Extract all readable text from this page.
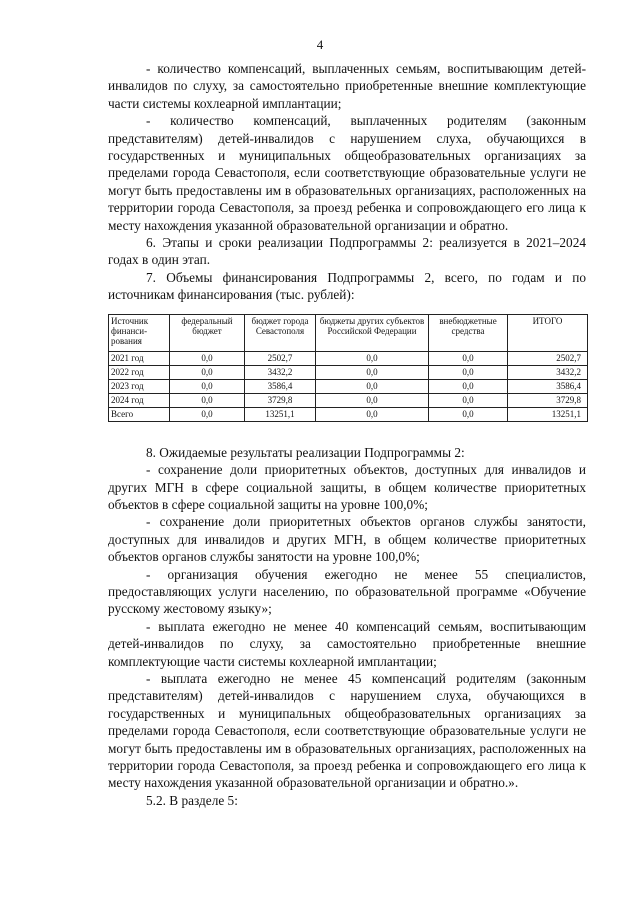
4

- количество компенсаций, выплаченных семьям, воспитывающим детей-инвалидов по слуху, за самостоятельно приобретенные внешние комплектующие части системы кохлеарной имплантации;

- количество компенсаций, выплаченных родителям (законным представителям) детей-инвалидов с нарушением слуха, обучающихся в государственных и муниципальных общеобразовательных организациях за пределами города Севастополя, если соответствующие образовательные услуги не могут быть предоставлены им в образовательных организациях, расположенных на территории города Севастополя, за проезд ребенка и сопровождающего его лица к месту нахождения указанной образовательной организации и обратно.

6. Этапы и сроки реализации Подпрограммы 2: реализуется в 2021–2024 годах в один этап.

7. Объемы финансирования Подпрограммы 2, всего, по годам и по источникам финансирования (тыс. рублей):

Источник финанси-рования	федеральный бюджет	бюджет города Севастополя	бюджеты других субъектов Российской Федерации	внебюджетные средства	ИТОГО
2021 год	0,0	2502,7	0,0	0,0	2502,7
2022 год	0,0	3432,2	0,0	0,0	3432,2
2023 год	0,0	3586,4	0,0	0,0	3586,4
2024 год	0,0	3729,8	0,0	0,0	3729,8
Всего	0,0	13251,1	0,0	0,0	13251,1

8. Ожидаемые результаты реализации Подпрограммы 2:

- сохранение доли приоритетных объектов, доступных для инвалидов и других МГН в сфере социальной защиты, в общем количестве приоритетных объектов в сфере социальной защиты на уровне 100,0%;

- сохранение доли приоритетных объектов органов службы занятости, доступных для инвалидов и других МГН, в общем количестве приоритетных объектов органов службы занятости на уровне 100,0%;

- организация обучения ежегодно не менее 55 специалистов, предоставляющих услуги населению, по образовательной программе «Обучение русскому жестовому языку»;

- выплата ежегодно не менее 40 компенсаций семьям, воспитывающим детей-инвалидов по слуху, за самостоятельно приобретенные внешние комплектующие части системы кохлеарной имплантации;

- выплата ежегодно не менее 45 компенсаций родителям (законным представителям) детей-инвалидов с нарушением слуха, обучающихся в государственных и муниципальных общеобразовательных организациях за пределами города Севастополя, если соответствующие образовательные услуги не могут быть предоставлены им в образовательных организациях, расположенных на территории города Севастополя, за проезд ребенка и сопровождающего его лица к месту нахождения указанной образовательной организации и обратно.».

5.2. В разделе 5:
